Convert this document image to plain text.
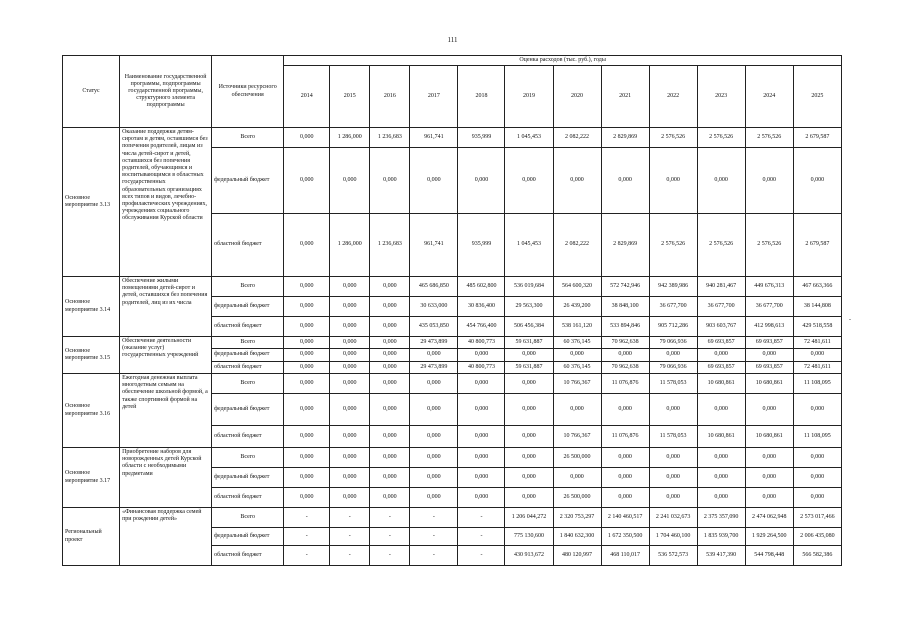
111
Статус	Наименование государственной программы, подпрограммы государственной программы, структурного элемента подпрограммы	Источники ресурсного обеспечения	Оценка расходов (тыс. руб.), годы											
			2014	2015	2016	2017	2018	2019	2020	2021	2022	2023	2024	2025
Основное мероприятие 3.13	Оказание поддержки детям-сиротам и детям, оставшимся без попечения родителей, лицам из числа детей-сирот и детей, оставшихся без попечения родителей, обучающимся и воспитывающимся в областных государственных образовательных организациях всех типов и видов, лечебно-профилактических учреждениях, учреждениях социального обслуживания Курской области	Всего	0,000	1 286,000	1 236,683	961,741	935,999	1 045,453	2 082,222	2 829,869	2 576,526	2 576,526	2 576,526	2 679,587
		федеральный бюджет	0,000	0,000	0,000	0,000	0,000	0,000	0,000	0,000	0,000	0,000	0,000	0,000
		областной бюджет	0,000	1 286,000	1 236,683	961,741	935,999	1 045,453	2 082,222	2 829,869	2 576,526	2 576,526	2 576,526	2 679,587
Основное мероприятие 3.14	Обеспечение жилыми помещениями детей-сирот и детей, оставшихся без попечения родителей, лиц из их числа	Всего	0,000	0,000	0,000	465 686,850	485 602,800	536 019,684	564 600,320	572 742,946	942 389,986	940 281,467	449 676,313	467 663,366
		федеральный бюджет	0,000	0,000	0,000	30 633,000	30 836,400	29 563,300	26 439,200	38 848,100	36 677,700	36 677,700	36 677,700	38 144,808
		областной бюджет	0,000	0,000	0,000	435 053,850	454 766,400	506 456,384	538 161,120	533 894,846	905 712,286	903 603,767	412 998,613	429 518,558
Основное мероприятие 3.15	Обеспечение деятельности (оказание услуг) государственных учреждений	Всего	0,000	0,000	0,000	29 473,899	40 800,773	59 631,887	60 376,145	70 962,638	79 066,936	69 693,857	69 693,857	72 481,611
		федеральный бюджет	0,000	0,000	0,000	0,000	0,000	0,000	0,000	0,000	0,000	0,000	0,000	0,000
		областной бюджет	0,000	0,000	0,000	29 473,899	40 800,773	59 631,887	60 376,145	70 962,638	79 066,936	69 693,857	69 693,857	72 481,611
Основное мероприятие 3.16	Ежегодная денежная выплата многодетным семьям на обеспечение школьной формой, а также спортивной формой на детей	Всего	0,000	0,000	0,000	0,000	0,000	0,000	10 766,367	11 076,876	11 578,053	10 680,861	10 680,861	11 108,095
		федеральный бюджет	0,000	0,000	0,000	0,000	0,000	0,000	0,000	0,000	0,000	0,000	0,000	0,000
		областной бюджет	0,000	0,000	0,000	0,000	0,000	0,000	10 766,367	11 076,876	11 578,053	10 680,861	10 680,861	11 108,095
Основное мероприятие 3.17	Приобретение наборов для новорожденных детей Курской области с необходимыми предметами	Всего	0,000	0,000	0,000	0,000	0,000	0,000	26 500,000	0,000	0,000	0,000	0,000	0,000
		федеральный бюджет	0,000	0,000	0,000	0,000	0,000	0,000	0,000	0,000	0,000	0,000	0,000	0,000
		областной бюджет	0,000	0,000	0,000	0,000	0,000	0,000	26 500,000	0,000	0,000	0,000	0,000	0,000
Региональный проект	«Финансовая поддержка семей при рождении детей»	Всего	-	-	-	-	-	1 206 044,272	2 320 753,297	2 140 460,517	2 241 032,673	2 375 357,090	2 474 062,948	2 573 017,466
		федеральный бюджет	-	-	-	-	-	775 130,600	1 840 632,300	1 672 350,500	1 704 460,100	1 835 939,700	1 929 264,500	2 006 435,080
		областной бюджет	-	-	-	-	-	430 913,672	480 120,997	468 110,017	536 572,573	539 417,390	544 798,448	566 582,386
-
